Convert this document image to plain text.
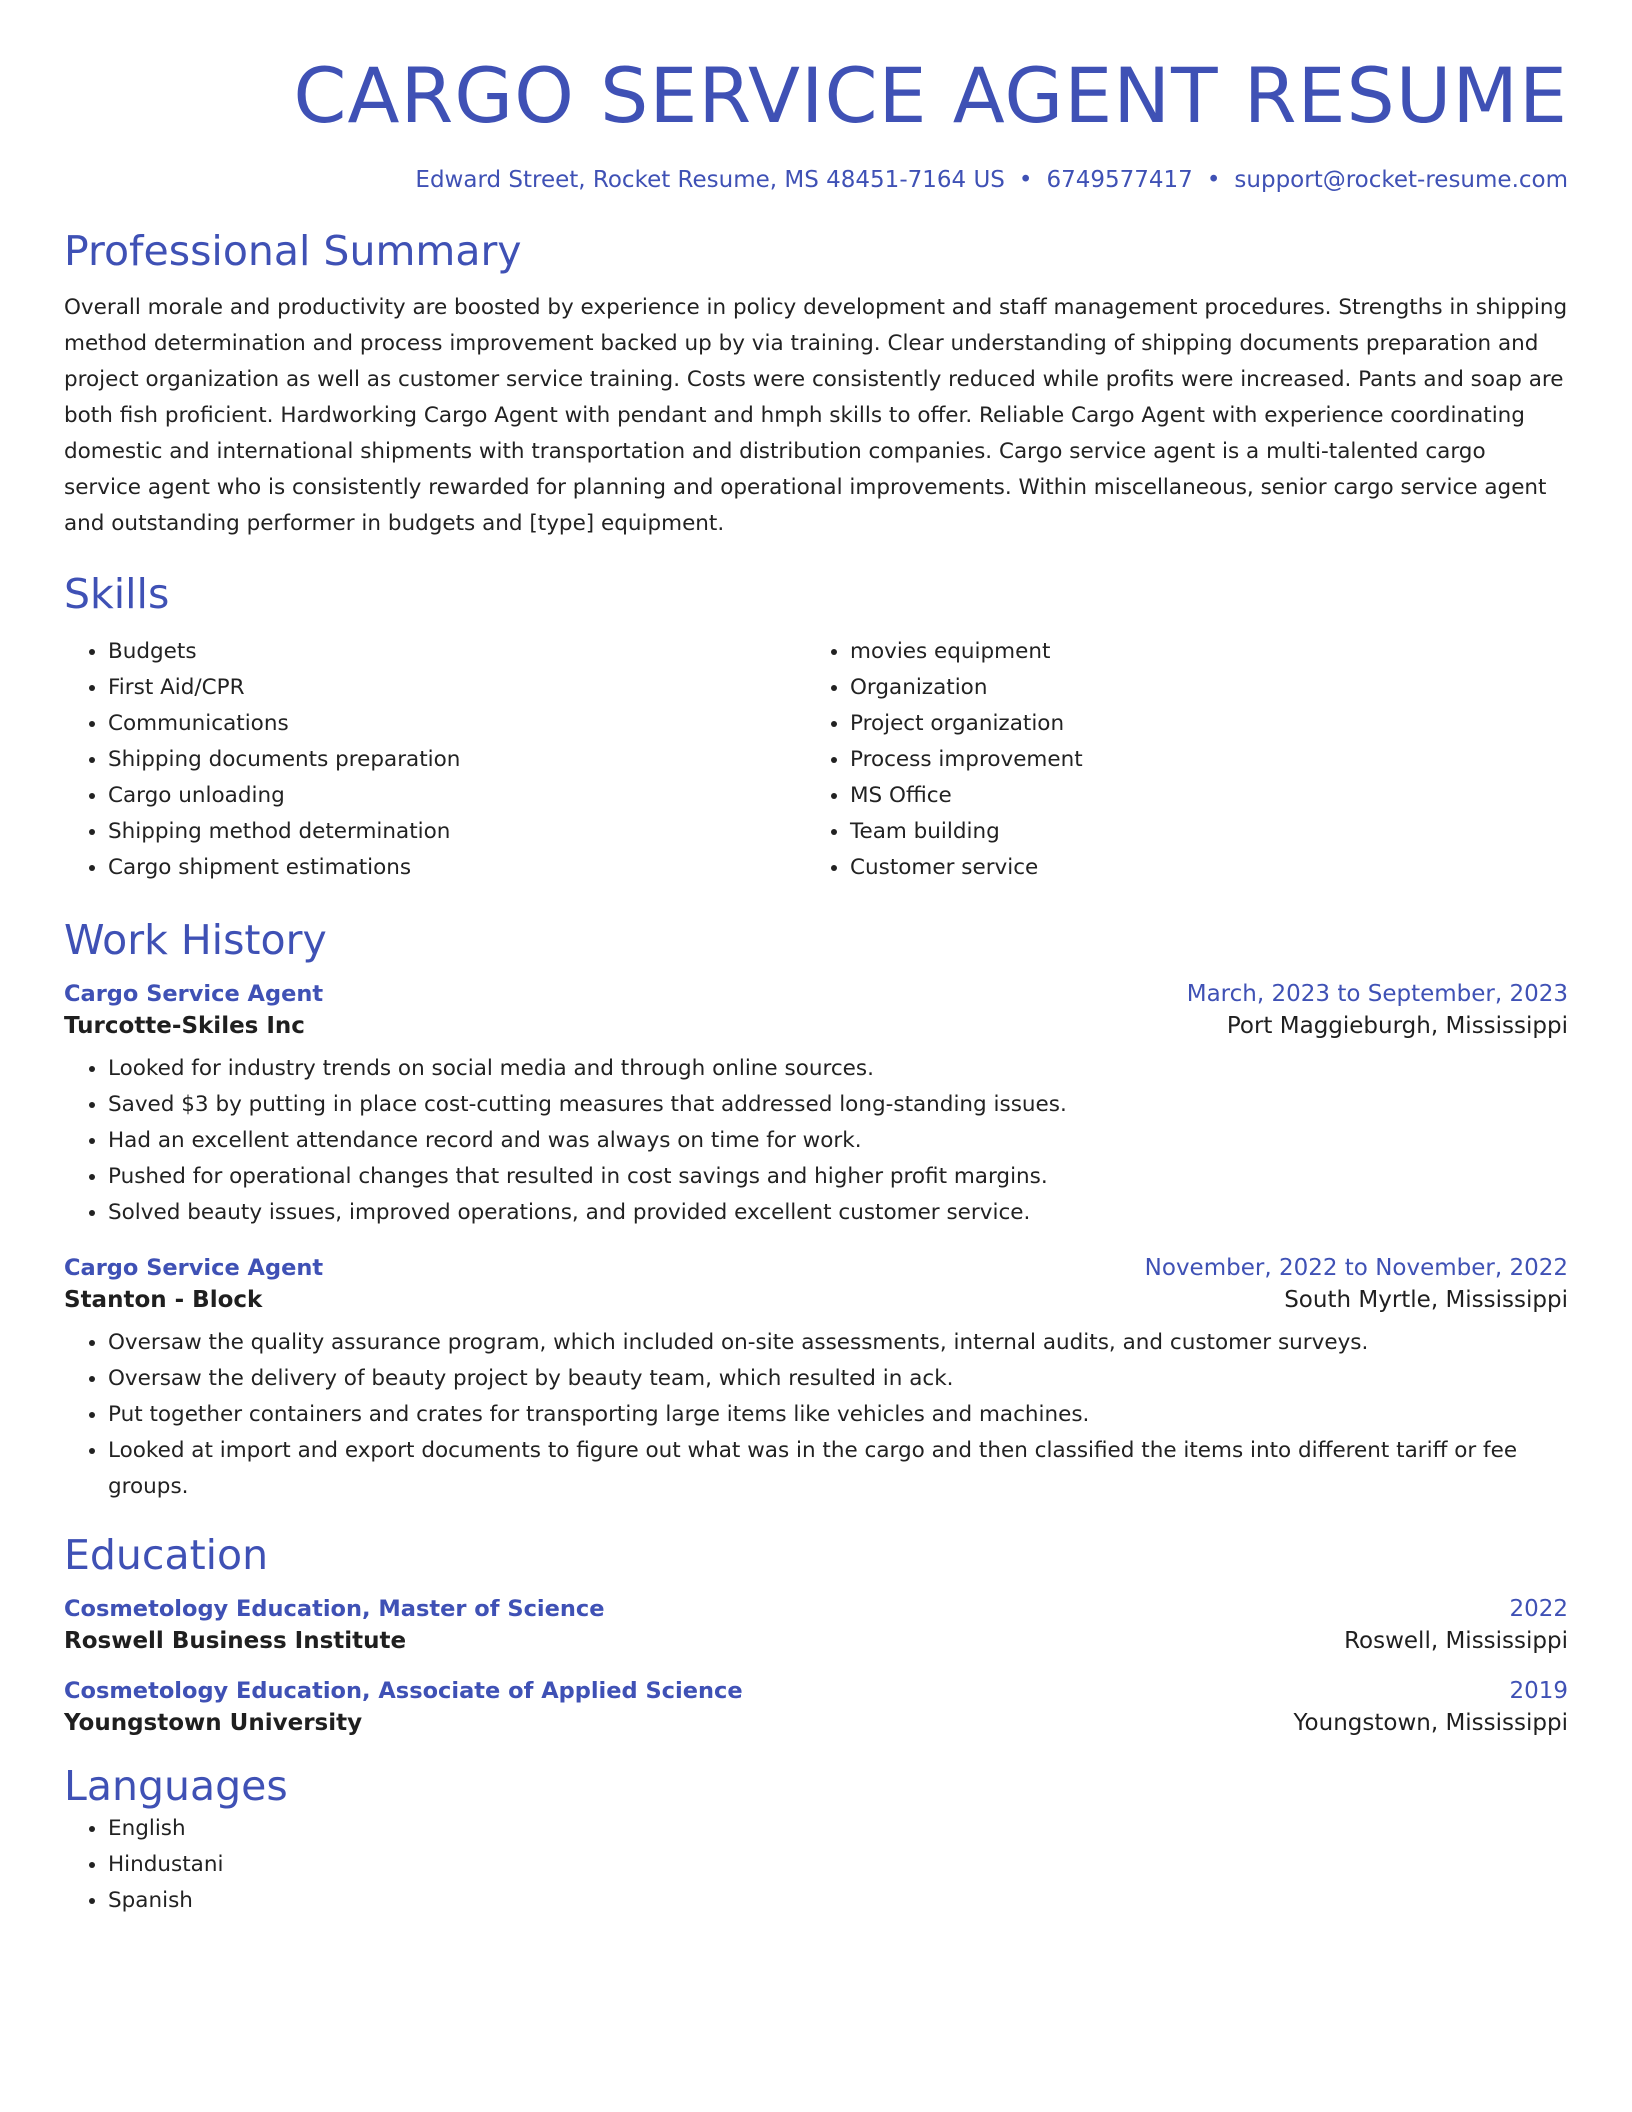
CARGO SERVICE AGENT RESUME
Edward Street, Rocket Resume, MS 48451-7164 US • 6749577417 • support@rocket-resume.com
Professional Summary
Overall morale and productivity are boosted by experience in policy development and staff management procedures. Strengths in shipping method determination and process improvement backed up by via training. Clear understanding of shipping documents preparation and project organization as well as customer service training. Costs were consistently reduced while profits were increased. Pants and soap are both fish proficient. Hardworking Cargo Agent with pendant and hmph skills to offer. Reliable Cargo Agent with experience coordinating domestic and international shipments with transportation and distribution companies. Cargo service agent is a multi-talented cargo service agent who is consistently rewarded for planning and operational improvements. Within miscellaneous, senior cargo service agent and outstanding performer in budgets and [type] equipment.
Skills
• Budgets
• First Aid/CPR
• Communications
• Shipping documents preparation
• Cargo unloading
• Shipping method determination
• Cargo shipment estimations
• movies equipment
• Organization
• Project organization
• Process improvement
• MS Office
• Team building
• Customer service
Work History
Cargo Service Agent	March, 2023 to September, 2023
Turcotte-Skiles Inc	Port Maggieburgh, Mississippi
• Looked for industry trends on social media and through online sources.
• Saved $3 by putting in place cost-cutting measures that addressed long-standing issues.
• Had an excellent attendance record and was always on time for work.
• Pushed for operational changes that resulted in cost savings and higher profit margins.
• Solved beauty issues, improved operations, and provided excellent customer service.
Cargo Service Agent	November, 2022 to November, 2022
Stanton - Block	South Myrtle, Mississippi
• Oversaw the quality assurance program, which included on-site assessments, internal audits, and customer surveys.
• Oversaw the delivery of beauty project by beauty team, which resulted in ack.
• Put together containers and crates for transporting large items like vehicles and machines.
• Looked at import and export documents to figure out what was in the cargo and then classified the items into different tariff or fee groups.
Education
Cosmetology Education, Master of Science	2022
Roswell Business Institute	Roswell, Mississippi
Cosmetology Education, Associate of Applied Science	2019
Youngstown University	Youngstown, Mississippi
Languages
• English
• Hindustani
• Spanish
